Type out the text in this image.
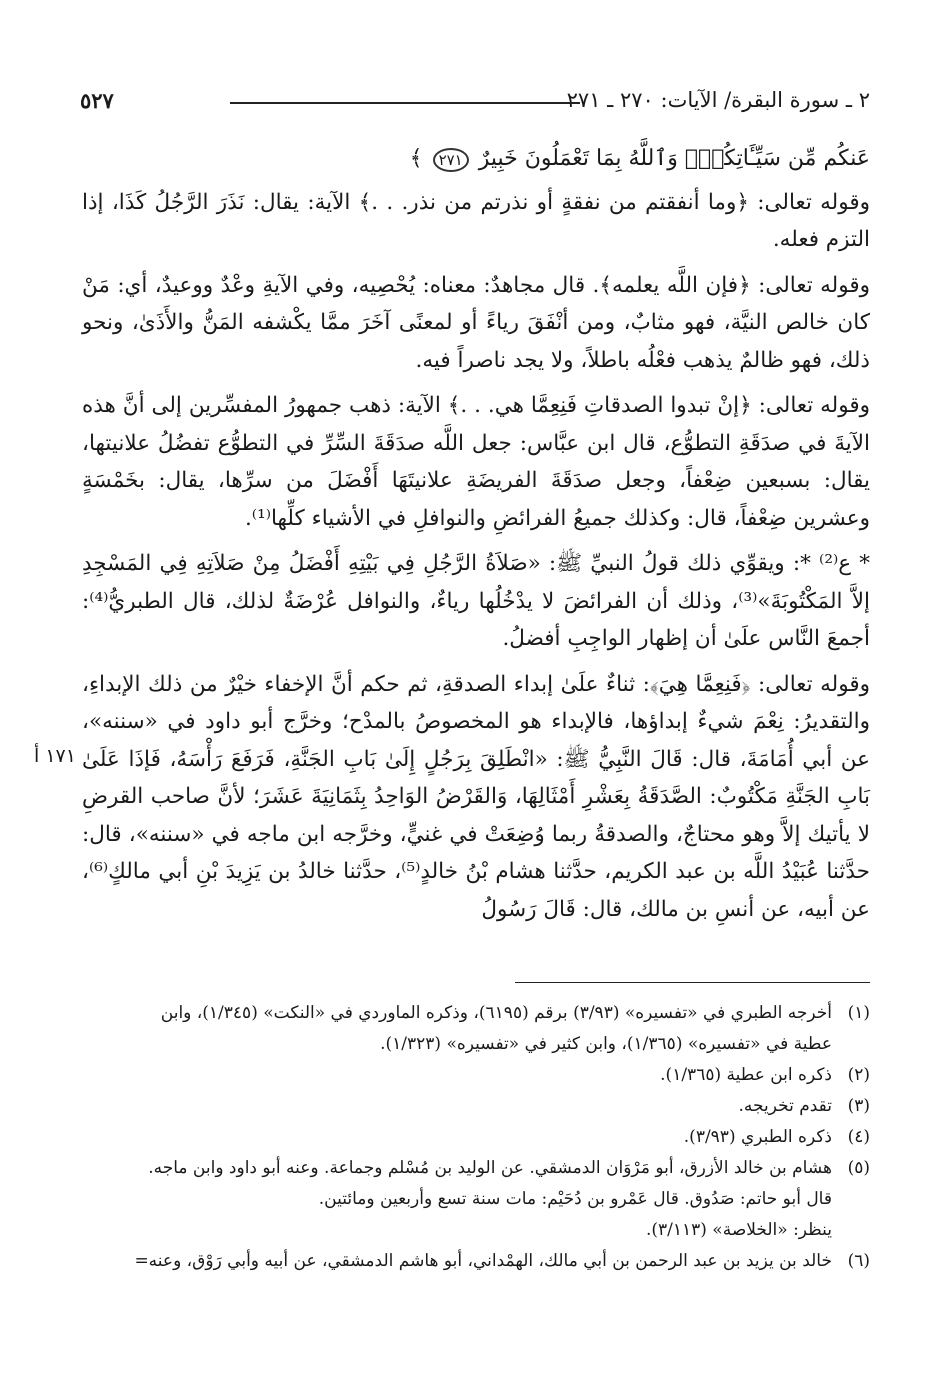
٢ ـ سورة البقرة/ الآيات: ٢٧٠ ـ ٢٧١
٥٢٧
١٧١ أ

عَنكُم مِّن سَيِّـَٔاتِكُمْۗ وَٱللَّهُ بِمَا تَعْمَلُونَ خَبِيرٌ ٢٧١ ﴾

وقوله تعالى: ﴿وما أنفقتم من نفقةٍ أو نذرتم من نذر. . .﴾ الآية: يقال: نَذَرَ الرَّجُلُ كَذَا، إذا التزم فعله.

وقوله تعالى: ﴿فإن اللَّه يعلمه﴾. قال مجاهدٌ: معناه: يُحْصِيه، وفي الآيةِ وعْدٌ ووعيدٌ، أي: مَنْ كان خالص النيَّة، فهو مثابٌ، ومن أنْفَقَ رياءً أو لمعنًى آخَرَ ممَّا يكْشفه المَنُّ والأَذَىٰ، ونحو ذلك، فهو ظالمٌ يذهب فعْلُه باطلاً، ولا يجد ناصراً فيه.

وقوله تعالى: ﴿إنْ تبدوا الصدقاتِ فَنِعِمَّا هي. . .﴾ الآية: ذهب جمهورُ المفسِّرين إلى أنَّ هذه الآيةَ في صدَقَةِ التطوُّع، قال ابن عبَّاس: جعل اللَّه صدَقَةَ السِّرِّ في التطوُّع تفضُلُ علانيتها، يقال: بسبعين ضِعْفاً، وجعل صدَقَةَ الفريضَةِ علانيتَهَا أَفْضَلَ من سرِّها، يقال: بخَمْسَةٍ وعشرين ضِعْفاً، قال: وكذلك جميعُ الفرائضِ والنوافلِ في الأشياء كلِّها⁽¹⁾.

* ع⁽²⁾ *: ويقوِّي ذلك قولُ النبيِّ ﷺ: «صَلاَةُ الرَّجُلِ فِي بَيْتِهِ أَفْضَلُ مِنْ صَلاَتِهِ فِي المَسْجِدِ إلاَّ المَكْتُوبَةَ»⁽³⁾، وذلك أن الفرائضَ لا يدْخُلُها رياءٌ، والنوافل عُرْضَةٌ لذلك، قال الطبريُّ⁽⁴⁾: أجمعَ النَّاس علَىٰ أن إظهار الواجِبِ أفضلُ.

وقوله تعالى: ﴿فَنِعِمَّا هِيَ﴾: ثناءٌ علَىٰ إبداء الصدقةِ، ثم حكم أنَّ الإخفاء خيْرٌ من ذلك الإبداءِ، والتقديرُ: نِعْمَ شيءٌ إبداؤها، فالإبداء هو المخصوصُ بالمدْح؛ وخرَّج أبو داود في «سننه»، عن أبي أُمَامَةَ، قال: قَالَ النَّبِيُّ ﷺ: «انْطَلِقَ بِرَجُلٍ إِلَىٰ بَابِ الجَنَّةِ، فَرَفَعَ رَأْسَهُ، فَإذَا عَلَىٰ بَابِ الجَنَّةِ مَكْتُوبٌ: الصَّدَقَةُ بِعَشْرِ أَمْثَالِهَا، وَالقَرْضُ الوَاحِدُ بِثَمَانِيَةَ عَشَرَ؛ لأنَّ صاحب القرضِ لا يأتيك إلاَّ وهو محتاجٌ، والصدقةُ ربما وُضِعَتْ في غنيٍّ، وخرَّجه ابن ماجه في «سننه»، قال: حدَّثنا عُبَيْدُ اللَّه بن عبد الكريم، حدَّثنا هشام بْنُ خالدٍ⁽⁵⁾، حدَّثنا خالدُ بن يَزِيدَ بْنِ أبي مالكٍ⁽⁶⁾، عن أبيه، عن أنسِ بن مالك، قال: قَالَ رَسُولُ

(١)
أخرجه الطبري في «تفسيره» (٣/٩٣) برقم (٦١٩٥)، وذكره الماوردي في «النكت» (١/٣٤٥)، وابن
عطية في «تفسيره» (١/٣٦٥)، وابن كثير في «تفسيره» (١/٣٢٣).
(٢)
ذكره ابن عطية (١/٣٦٥).
(٣)
تقدم تخريجه.
(٤)
ذكره الطبري (٣/٩٣).
(٥)
هشام بن خالد الأزرق، أبو مَرْوَان الدمشقي. عن الوليد بن مُسْلم وجماعة. وعنه أبو داود وابن ماجه.
قال أبو حاتم: صَدُوق. قال عَمْرو بن دُحَيْم: مات سنة تسع وأربعين ومائتين.
ينظر: «الخلاصة» (٣/١١٣).
(٦)
خالد بن يزيد بن عبد الرحمن بن أبي مالك، الهمْداني، أبو هاشم الدمشقي، عن أبيه وأبي رَوْق، وعنه=
